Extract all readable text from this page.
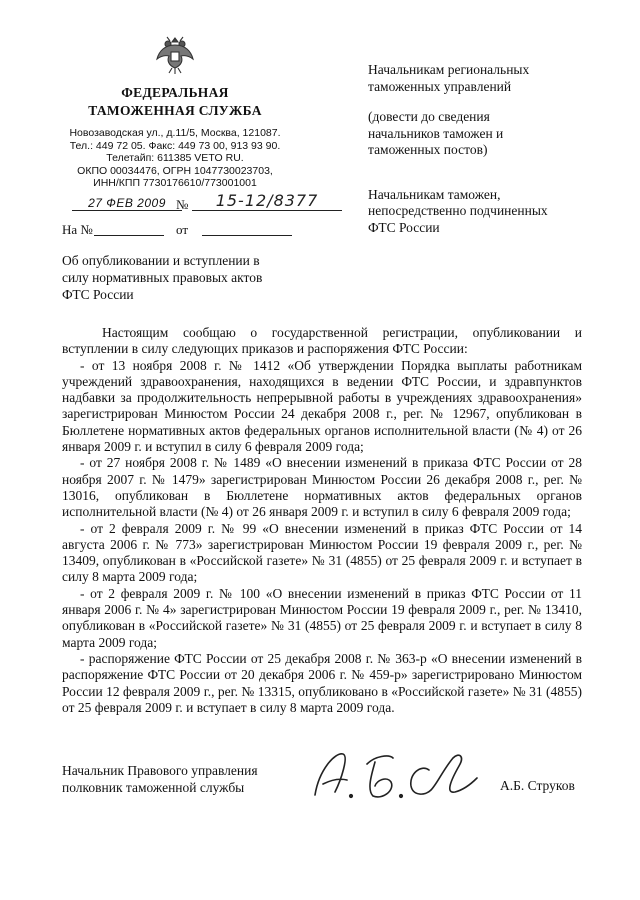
ФЕДЕРАЛЬНАЯ
ТАМОЖЕННАЯ СЛУЖБА
Новозаводская ул., д.11/5, Москва, 121087.
Тел.: 449 72 05. Факс: 449 73 00, 913 93 90.
Телетайп: 611385 VETO RU.
ОКПО 00034476, ОГРН 1047730023703,
ИНН/КПП 7730176610/773001001
27 ФЕВ 2009 №	15-12/8377
На №	от
Об опубликовании и вступлении в
силу нормативных правовых актов
ФТС России

Начальникам региональных
таможенных управлений

(довести до сведения
начальников таможен и
таможенных постов)

Начальникам таможен,
непосредственно подчиненных
ФТС России

Настоящим сообщаю о государственной регистрации, опубликовании и вступлении в силу следующих приказов и распоряжения ФТС России:

- от 13 ноября 2008 г. № 1412 «Об утверждении Порядка выплаты работникам учреждений здравоохранения, находящихся в ведении ФТС России, и здравпунктов надбавки за продолжительность непрерывной работы в учреждениях здравоохранения» зарегистрирован Минюстом России 24 декабря 2008 г., рег. № 12967, опубликован в Бюллетене нормативных актов федеральных органов исполнительной власти (№ 4) от 26 января 2009 г. и вступил в силу 6 февраля 2009 года;

- от 27 ноября 2008 г. № 1489 «О внесении изменений в приказа ФТС России от 28 ноября 2007 г. № 1479» зарегистрирован Минюстом России 26 декабря 2008 г., рег. № 13016, опубликован в Бюллетене нормативных актов федеральных органов исполнительной власти (№ 4) от 26 января 2009 г. и вступил в силу 6 февраля 2009 года;

- от 2 февраля 2009 г. № 99 «О внесении изменений в приказ ФТС России от 14 августа 2006 г. № 773» зарегистрирован Минюстом России 19 февраля 2009 г., рег. № 13409, опубликован в «Российской газете» № 31 (4855) от 25 февраля 2009 г. и вступает в силу 8 марта 2009 года;

- от 2 февраля 2009 г. № 100 «О внесении изменений в приказ ФТС России от 11 января 2006 г. № 4» зарегистрирован Минюстом России 19 февраля 2009 г., рег. № 13410, опубликован в «Российской газете» № 31 (4855) от 25 февраля 2009 г. и вступает в силу 8 марта 2009 года;

- распоряжение ФТС России от 25 декабря 2008 г. № 363-р «О внесении изменений в распоряжение ФТС России от 20 декабря 2006 г. № 459-р» зарегистрировано Минюстом России 12 февраля 2009 г., рег. № 13315, опубликовано в «Российской газете» № 31 (4855) от 25 февраля 2009 г. и вступает в силу 8 марта 2009 года.

Начальник Правового управления
полковник таможенной службы	А.Б. Струков
